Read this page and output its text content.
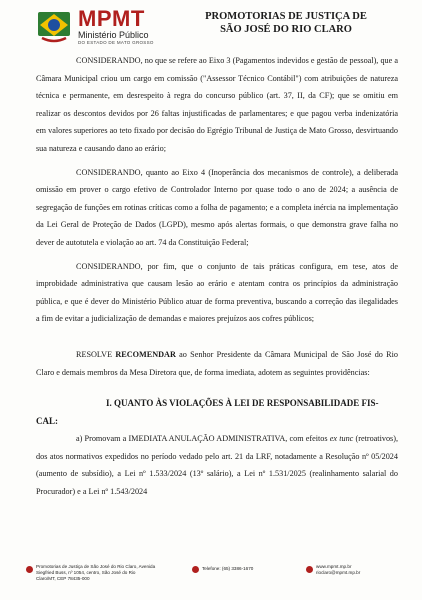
MPMT
Ministério Público
DO ESTADO DE MATO GROSSO
PROMOTORIAS DE JUSTIÇA DE
SÃO JOSÉ DO RIO CLARO

CONSIDERANDO, no que se refere ao Eixo 3 (Pagamentos indevidos e gestão de pessoal), que a Câmara Municipal criou um cargo em comissão ("Assessor Técnico Contábil") com atribuições de natureza técnica e permanente, em desrespeito à regra do concurso público (art. 37, II, da CF); que se omitiu em realizar os descontos devidos por 26 faltas injustificadas de parlamentares; e que pagou verba indenizatória em valores superiores ao teto fixado por decisão do Egrégio Tribunal de Justiça de Mato Grosso, desvirtuando sua natureza e causando dano ao erário;

CONSIDERANDO, quanto ao Eixo 4 (Inoperância dos mecanismos de controle), a deliberada omissão em prover o cargo efetivo de Controlador Interno por quase todo o ano de 2024; a ausência de segregação de funções em rotinas críticas como a folha de pagamento; e a completa inércia na implementação da Lei Geral de Proteção de Dados (LGPD), mesmo após alertas formais, o que demonstra grave falha no dever de autotutela e violação ao art. 74 da Constituição Federal;

CONSIDERANDO, por fim, que o conjunto de tais práticas configura, em tese, atos de improbidade administrativa que causam lesão ao erário e atentam contra os princípios da administração pública, e que é dever do Ministério Público atuar de forma preventiva, buscando a correção das ilegalidades a fim de evitar a judicialização de demandas e maiores prejuízos aos cofres públicos;

RESOLVE RECOMENDAR ao Senhor Presidente da Câmara Municipal de São José do Rio Claro e demais membros da Mesa Diretora que, de forma imediata, adotem as seguintes providências:

I. QUANTO ÀS VIOLAÇÕES À LEI DE RESPONSABILIDADE FIS-

CAL:

a) Promovam a IMEDIATA ANULAÇÃO ADMINISTRATIVA, com efeitos ex tunc (retroativos), dos atos normativos expedidos no período vedado pelo art. 21 da LRF, notadamente a Resolução nº 05/2024 (aumento de subsídio), a Lei nº 1.533/2024 (13º salário), a Lei nº 1.531/2025 (realinhamento salarial do Procurador) e a Lei nº 1.543/2024

Promotorias de Justiça de São José do Rio Claro, Avenida Siegfried Buss, nº 1054, centro, São José do Rio Claro/MT, CEP 78435-000
Telefone: (65) 3386-1670	www.mpmt.mp.br
rioclaro@mpmt.mp.br
